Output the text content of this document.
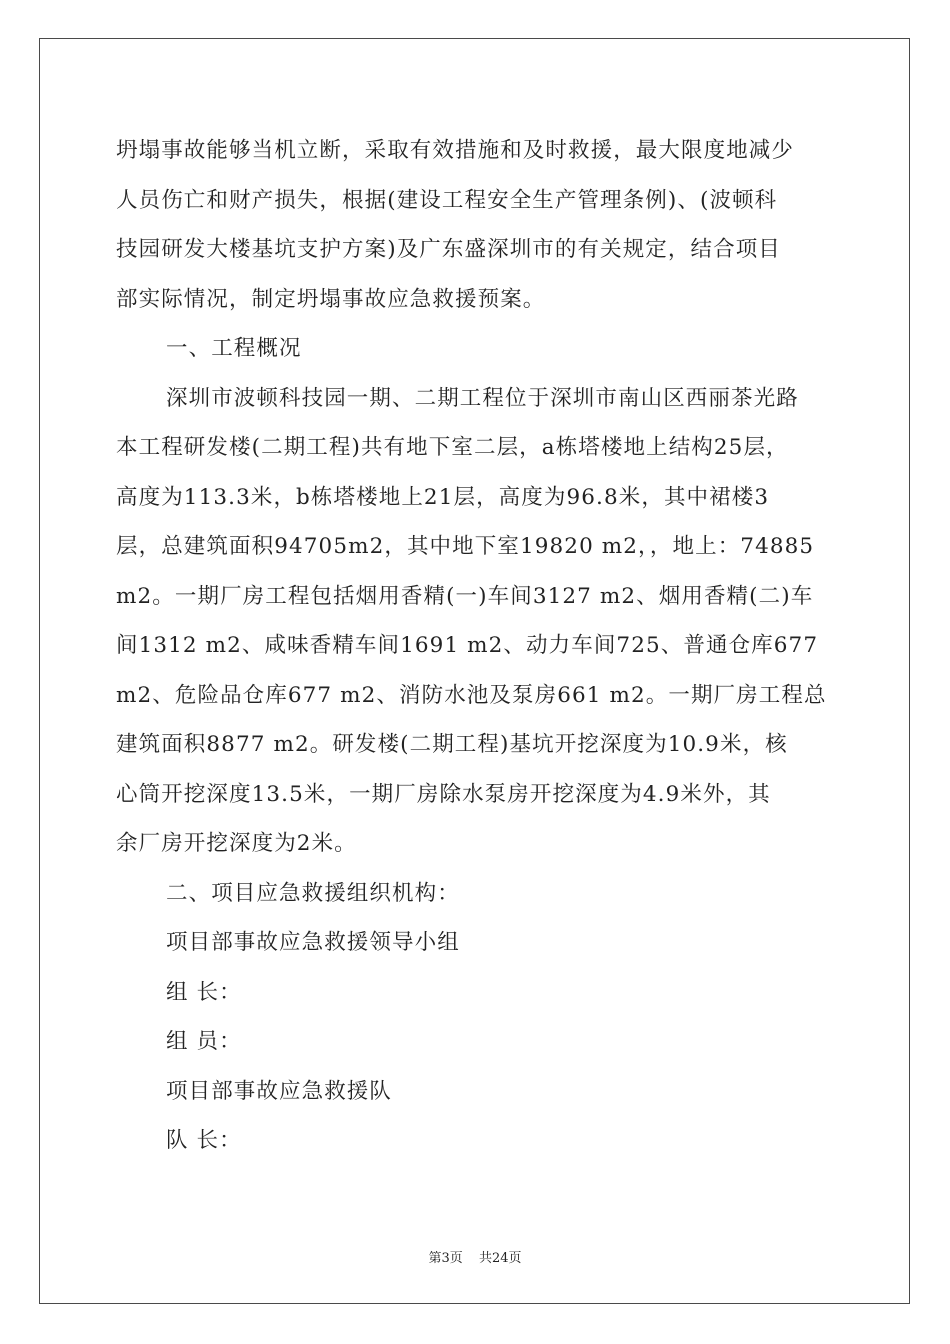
坍塌事故能够当机立断，采取有效措施和及时救援，最大限度地减少
人员伤亡和财产损失，根据(建设工程安全生产管理条例)、(波顿科
技园研发大楼基坑支护方案)及广东盛深圳市的有关规定，结合项目
部实际情况，制定坍塌事故应急救援预案。
一、工程概况
深圳市波顿科技园一期、二期工程位于深圳市南山区西丽茶光路
本工程研发楼(二期工程)共有地下室二层，a栋塔楼地上结构25层，
高度为113.3米，b栋塔楼地上21层，高度为96.8米，其中裙楼3
层，总建筑面积94705m2，其中地下室19820 m2，，地上：74885
m2。一期厂房工程包括烟用香精(一)车间3127 m2、烟用香精(二)车
间1312 m2、咸味香精车间1691 m2、动力车间725、普通仓库677
m2、危险品仓库677 m2、消防水池及泵房661 m2。一期厂房工程总
建筑面积8877 m2。研发楼(二期工程)基坑开挖深度为10.9米，核
心筒开挖深度13.5米，一期厂房除水泵房开挖深度为4.9米外，其
余厂房开挖深度为2米。
二、项目应急救援组织机构：
项目部事故应急救援领导小组
组 长：
组 员：
项目部事故应急救援队
队 长：
第3页 共24页
